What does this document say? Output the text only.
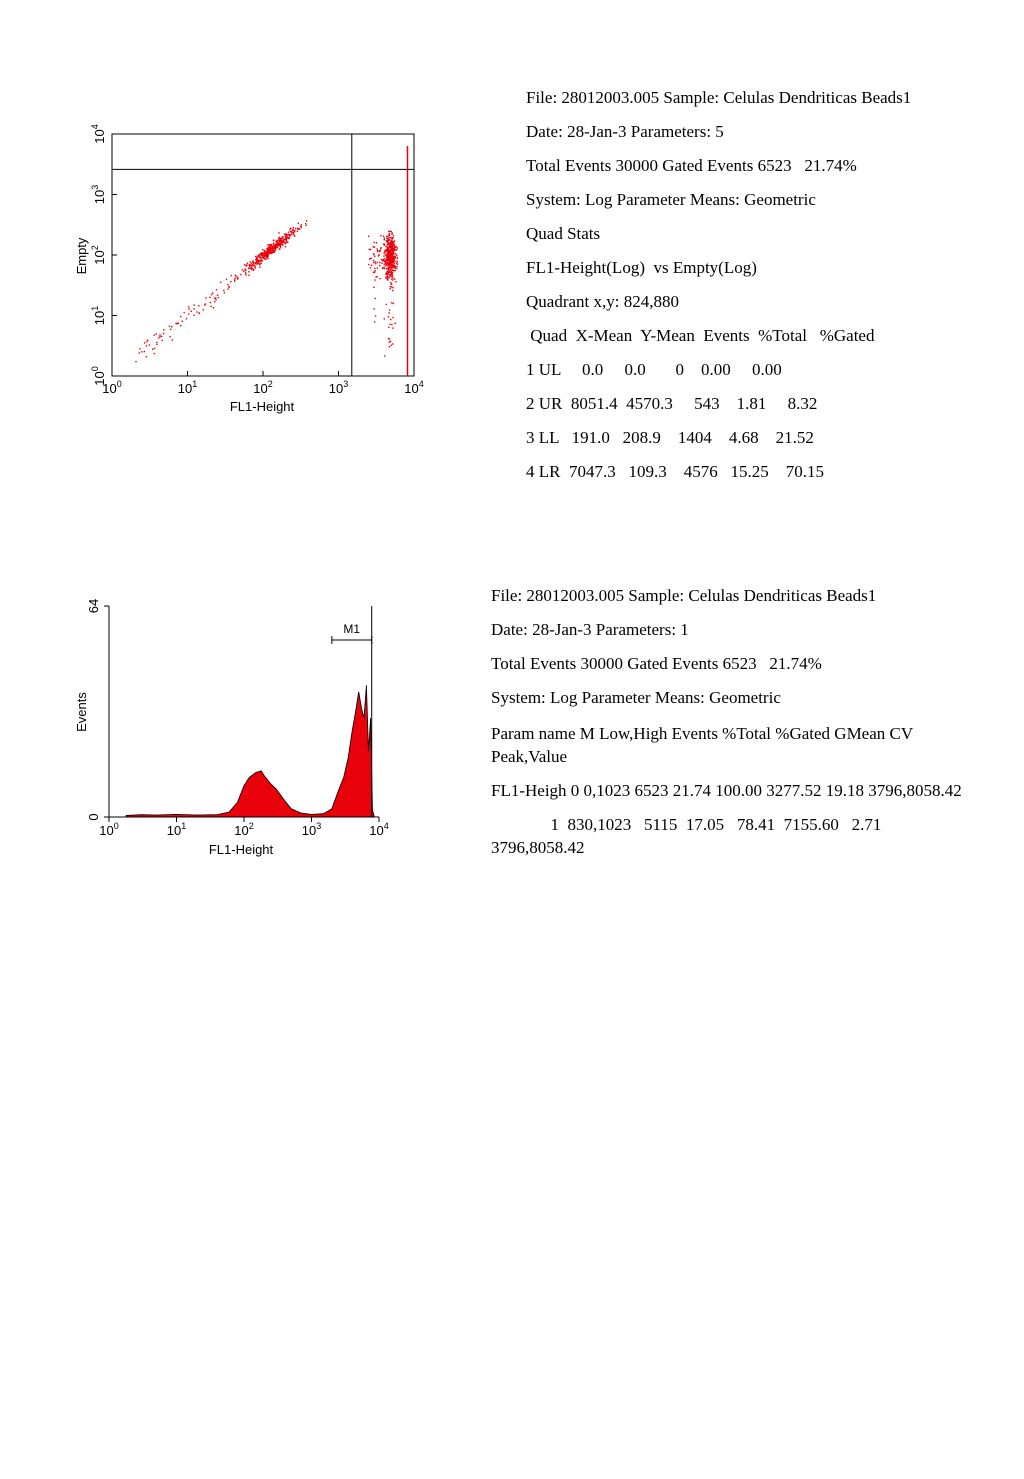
$10^0$	$10^1$	$10^2$	$10^3$	$10^4$
$10^0$
$10^1$
$10^2$
$10^3$
$10^4$
FL1-Height
Empty
$10^0$	$10^1$	$10^2$	$10^3$	$10^4$
0
64
M1
FL1-Height
Events

File: 28012003.005 Sample: Celulas Dendriticas Beads1

Date: 28-Jan-3 Parameters: 5

Total Events 30000 Gated Events 6523   21.74%

System: Log Parameter Means: Geometric

Quad Stats

FL1-Height(Log)  vs Empty(Log)

Quadrant x,y: 824,880

Quad  X-Mean  Y-Mean  Events  %Total   %Gated

1 UL     0.0     0.0       0    0.00     0.00

2 UR  8051.4  4570.3     543    1.81     8.32

3 LL   191.0   208.9    1404    4.68    21.52

4 LR  7047.3   109.3    4576   15.25    70.15

File: 28012003.005 Sample: Celulas Dendriticas Beads1

Date: 28-Jan-3 Parameters: 1

Total Events 30000 Gated Events 6523   21.74%

System: Log Parameter Means: Geometric

Param name M Low,High Events %Total %Gated GMean CV Peak,Value

FL1-Heigh 0 0,1023 6523 21.74 100.00 3277.52 19.18 3796,8058.42

1  830,1023   5115  17.05   78.41  7155.60   2.71  3796,8058.42
